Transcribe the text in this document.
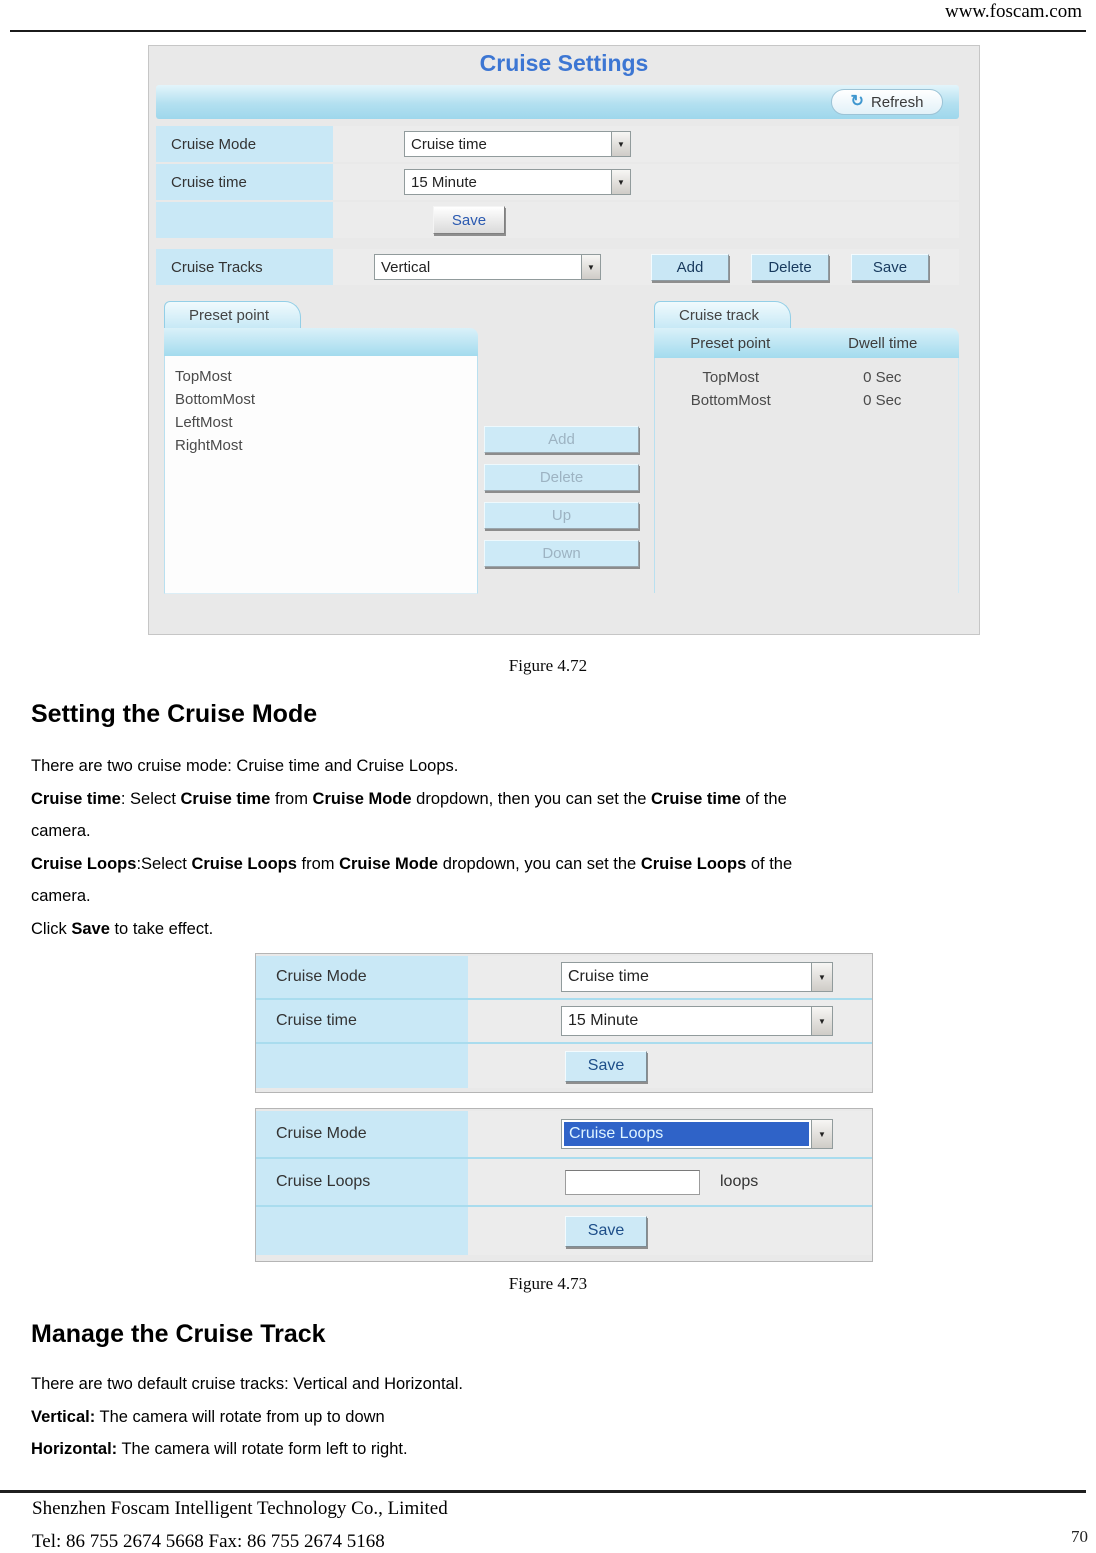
www.foscam.com
Cruise Settings
↻ Refresh
Cruise Mode	Cruise time	▼
Cruise time	15 Minute	▼
Save
Cruise Tracks	Vertical	▼	Add	Delete	Save
Preset point
TopMost
BottomMost
LeftMost
RightMost	Add
Delete
Up
Down
Cruise track
Preset point	Dwell time
TopMost	0 Sec
BottomMost	0 Sec
Figure 4.72
Setting the Cruise Mode
There are two cruise mode: Cruise time and Cruise Loops.
Cruise time: Select Cruise time from Cruise Mode dropdown, then you can set the Cruise time of the
camera.
Cruise Loops:Select Cruise Loops from Cruise Mode dropdown, you can set the Cruise Loops of the
camera.
Click Save to take effect.
Cruise Mode	Cruise time	▼
Cruise time	15 Minute	▼
Save
Cruise Mode	Cruise Loops	▼
Cruise Loops	loops
Save
Figure 4.73
Manage the Cruise Track
There are two default cruise tracks: Vertical and Horizontal.
Vertical: The camera will rotate from up to down
Horizontal: The camera will rotate form left to right.
Shenzhen Foscam Intelligent Technology Co., Limited
Tel: 86 755 2674 5668 Fax: 86 755 2674 5168	70
